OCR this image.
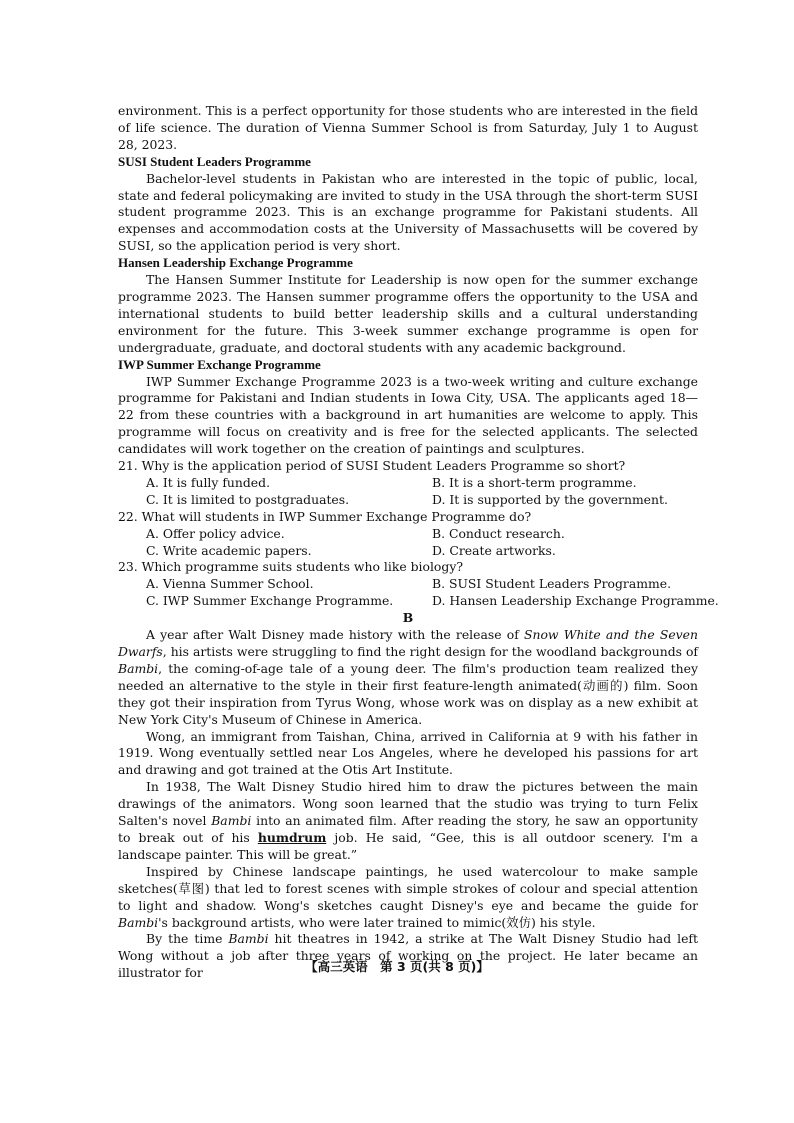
environment. This is a perfect opportunity for those students who are interested in the field of life science. The duration of Vienna Summer School is from Saturday, July 1 to August 28, 2023.

SUSI Student Leaders Programme

Bachelor-level students in Pakistan who are interested in the topic of public, local, state and federal policymaking are invited to study in the USA through the short-term SUSI student programme 2023. This is an exchange programme for Pakistani students. All expenses and accommodation costs at the University of Massachusetts will be covered by SUSI, so the application period is very short.

Hansen Leadership Exchange Programme

The Hansen Summer Institute for Leadership is now open for the summer exchange programme 2023. The Hansen summer programme offers the opportunity to the USA and international students to build better leadership skills and a cultural understanding environment for the future. This 3-week summer exchange programme is open for undergraduate, graduate, and doctoral students with any academic background.

IWP Summer Exchange Programme

IWP Summer Exchange Programme 2023 is a two-week writing and culture exchange programme for Pakistani and Indian students in Iowa City, USA. The applicants aged 18—22 from these countries with a background in art humanities are welcome to apply. This programme will focus on creativity and is free for the selected applicants. The selected candidates will work together on the creation of paintings and sculptures.

21. Why is the application period of SUSI Student Leaders Programme so short?

A. It is fully funded.	B. It is a short-term programme.
C. It is limited to postgraduates.	D. It is supported by the government.

22. What will students in IWP Summer Exchange Programme do?

A. Offer policy advice.	B. Conduct research.
C. Write academic papers.	D. Create artworks.

23. Which programme suits students who like biology?

A. Vienna Summer School.	B. SUSI Student Leaders Programme.
C. IWP Summer Exchange Programme.	D. Hansen Leadership Exchange Programme.

B

A year after Walt Disney made history with the release of Snow White and the Seven Dwarfs, his artists were struggling to find the right design for the woodland backgrounds of Bambi, the coming-of-age tale of a young deer. The film's production team realized they needed an alternative to the style in their first feature-length animated(动画的) film. Soon they got their inspiration from Tyrus Wong, whose work was on display as a new exhibit at New York City's Museum of Chinese in America.

Wong, an immigrant from Taishan, China, arrived in California at 9 with his father in 1919. Wong eventually settled near Los Angeles, where he developed his passions for art and drawing and got trained at the Otis Art Institute.

In 1938, The Walt Disney Studio hired him to draw the pictures between the main drawings of the animators. Wong soon learned that the studio was trying to turn Felix Salten's novel Bambi into an animated film. After reading the story, he saw an opportunity to break out of his humdrum job. He said, “Gee, this is all outdoor scenery. I'm a landscape painter. This will be great.”

Inspired by Chinese landscape paintings, he used watercolour to make sample sketches(草图) that led to forest scenes with simple strokes of colour and special attention to light and shadow. Wong's sketches caught Disney's eye and became the guide for Bambi's background artists, who were later trained to mimic(效仿) his style.

By the time Bambi hit theatres in 1942, a strike at The Walt Disney Studio had left Wong without a job after three years of working on the project. He later became an illustrator for	【高三英语　第 3 页(共 8 页)】
